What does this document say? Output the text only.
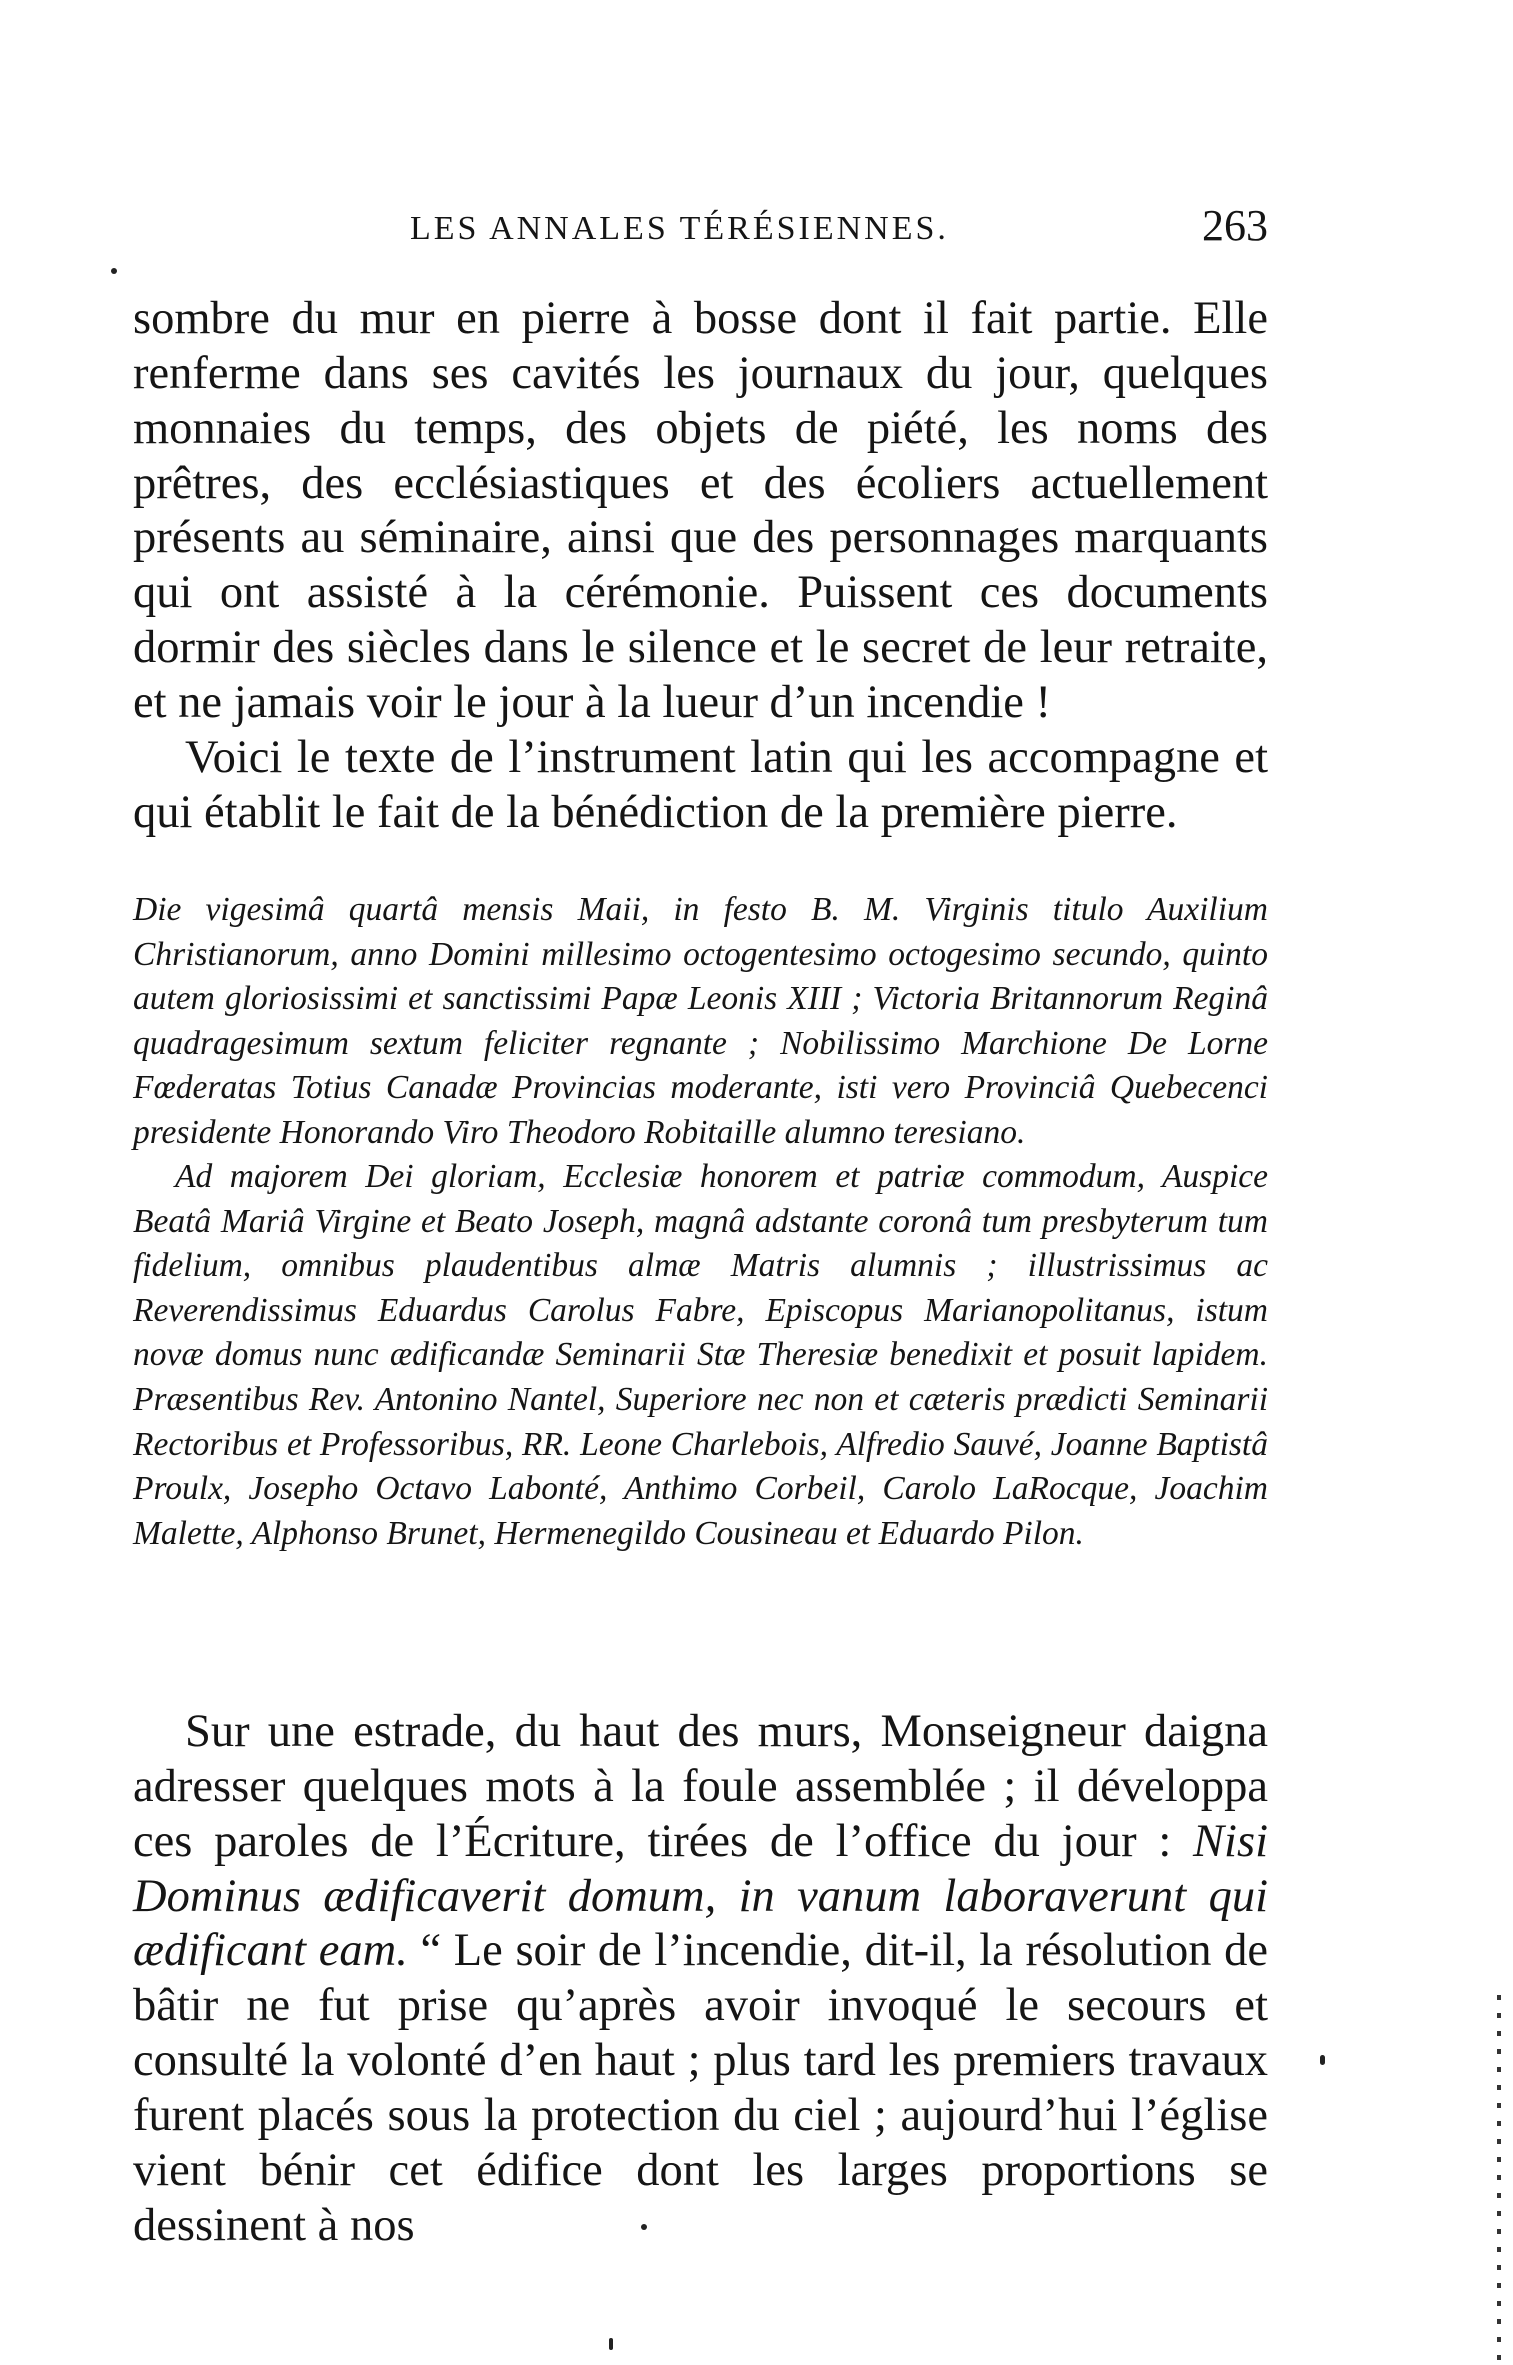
LES ANNALES TÉRÉSIENNES.	263

sombre du mur en pierre à bosse dont il fait partie. Elle renferme dans ses cavités les journaux du jour, quelques monnaies du temps, des objets de piété, les noms des prêtres, des ecclésiastiques et des écoliers actuellement présents au séminaire, ainsi que des personnages marquants qui ont assisté à la cérémonie. Puissent ces documents dormir des siècles dans le silence et le secret de leur retraite, et ne jamais voir le jour à la lueur d’un incendie !

Voici le texte de l’instrument latin qui les accompagne et qui établit le fait de la bénédiction de la première pierre.

Die vigesimâ quartâ mensis Maii, in festo B. M. Virginis titulo Auxilium Christianorum, anno Domini millesimo octogentesimo octogesimo secundo, quinto autem gloriosissimi et sanctissimi Papæ Leonis XIII ; Victoria Britannorum Reginâ quadragesimum sextum feliciter regnante ; Nobilissimo Marchione De Lorne Fœderatas Totius Canadæ Provincias moderante, isti vero Provinciâ Quebecenci presidente Honorando Viro Theodoro Robitaille alumno teresiano.

Ad majorem Dei gloriam, Ecclesiæ honorem et patriæ commodum, Auspice Beatâ Mariâ Virgine et Beato Joseph, magnâ adstante coronâ tum presbyterum tum fidelium, omnibus plaudentibus almæ Matris alumnis ; illustrissimus ac Reverendissimus Eduardus Carolus Fabre, Episcopus Marianopolitanus, istum novæ domus nunc ædificandæ Seminarii Stæ Theresiæ benedixit et posuit lapidem. Præsentibus Rev. Antonino Nantel, Superiore nec non et cæteris prædicti Seminarii Rectoribus et Professoribus, RR. Leone Charlebois, Alfredio Sauvé, Joanne Baptistâ Proulx, Josepho Octavo Labonté, Anthimo Corbeil, Carolo LaRocque, Joachim Malette, Alphonso Brunet, Hermenegildo Cousineau et Eduardo Pilon.

Sur une estrade, du haut des murs, Monseigneur daigna adresser quelques mots à la foule assemblée ; il développa ces paroles de l’Écriture, tirées de l’office du jour : Nisi Dominus ædificaverit domum, in vanum laboraverunt qui ædificant eam. “ Le soir de l’incendie, dit-il, la résolution de bâtir ne fut prise qu’après avoir invoqué le secours et consulté la volonté d’en haut ; plus tard les premiers travaux furent placés sous la protection du ciel ; aujourd’hui l’église vient bénir cet édifice dont les larges proportions se dessinent à nos
